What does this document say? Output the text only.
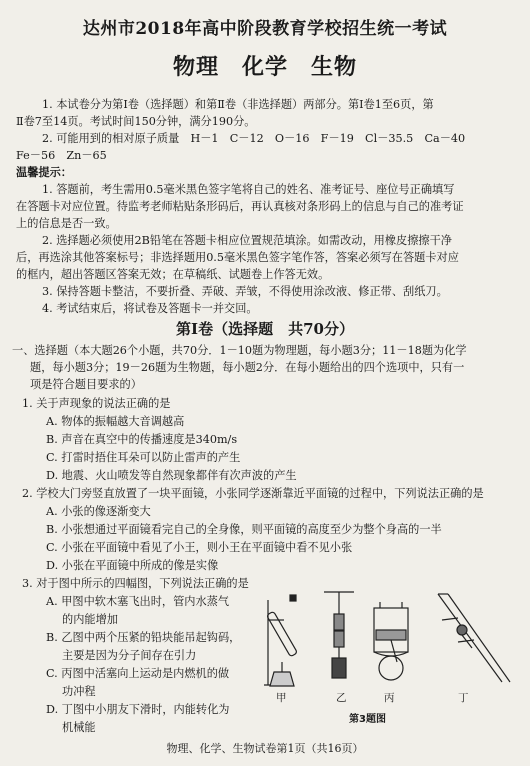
达州市2018年高中阶段教育学校招生统一考试
物理　化学　生物
1. 本试卷分为第Ⅰ卷（选择题）和第Ⅱ卷（非选择题）两部分。第Ⅰ卷1至6页，第
Ⅱ卷7至14页。考试时间150分钟，满分190分。
2. 可能用到的相对原子质量　H－1　C－12　O－16　F－19　Cl－35.5　Ca－40
Fe－56　Zn－65
温馨提示：
1. 答题前，考生需用0.5毫米黑色签字笔将自己的姓名、准考证号、座位号正确填写
在答题卡对应位置。待监考老师粘贴条形码后，再认真核对条形码上的信息与自己的准考证
上的信息是否一致。
2. 选择题必须使用2B铅笔在答题卡相应位置规范填涂。如需改动，用橡皮擦擦干净
后，再选涂其他答案标号；非选择题用0.5毫米黑色签字笔作答，答案必须写在答题卡对应
的框内，超出答题区答案无效；在草稿纸、试题卷上作答无效。
3. 保持答题卡整洁，不要折叠、弄破、弄皱，不得使用涂改液、修正带、刮纸刀。
4. 考试结束后，将试卷及答题卡一并交回。
第Ⅰ卷（选择题　共70分）
一、选择题（本大题26个小题，共70分．1－10题为物理题，每小题3分；11－18题为化学
题，每小题3分；19－26题为生物题，每小题2分．在每小题给出的四个选项中，只有一
项是符合题目要求的）
1. 关于声现象的说法正确的是
A. 物体的振幅越大音调越高
B. 声音在真空中的传播速度是340m/s
C. 打雷时捂住耳朵可以防止雷声的产生
D. 地震、火山喷发等自然现象都伴有次声波的产生
2. 学校大门旁竖直放置了一块平面镜，小张同学逐渐靠近平面镜的过程中，下列说法正确的是
A. 小张的像逐渐变大
B. 小张想通过平面镜看完自己的全身像，则平面镜的高度至少为整个身高的一半
C. 小张在平面镜中看见了小王，则小王在平面镜中看不见小张
D. 小张在平面镜中所成的像是实像
3. 对于图中所示的四幅图，下列说法正确的是
A. 甲图中软木塞飞出时，管内水蒸气
的内能增加
B. 乙图中两个压紧的铅块能吊起钩码，
主要是因为分子间存在引力
C. 丙图中活塞向上运动是内燃机的做
功冲程
D. 丁图中小朋友下滑时，内能转化为
机械能
甲	乙	丙	丁
第3题图
物理、化学、生物试卷第1页（共16页）
